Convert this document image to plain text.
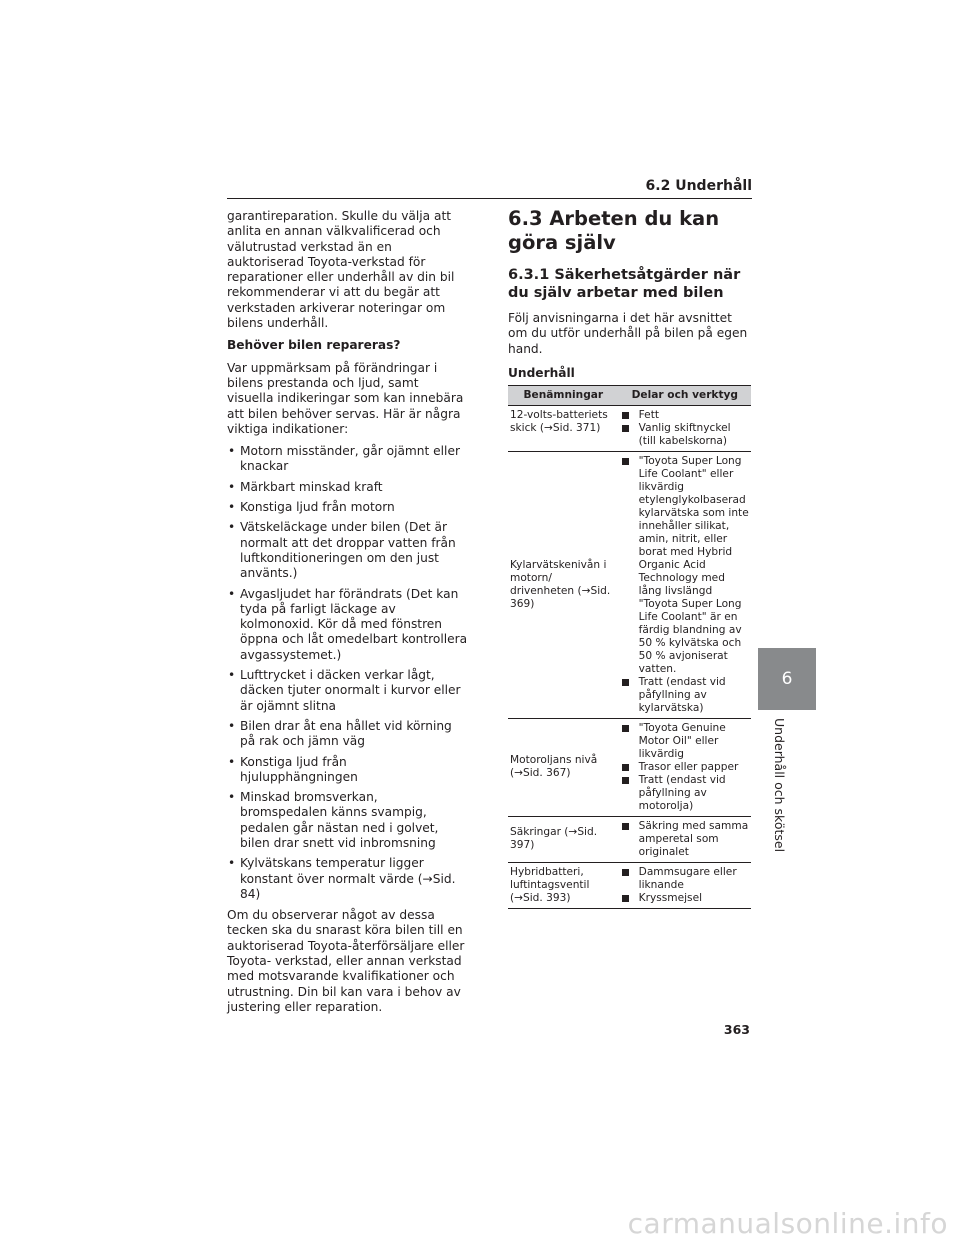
6.2 Underhåll
6
Underhåll och skötsel

garantireparation. Skulle du välja att anlita en annan välkvalificerad och välutrustad verkstad än en auktoriserad Toyota-verkstad för reparationer eller underhåll av din bil rekommenderar vi att du begär att verkstaden arkiverar noteringar om bilens underhåll.

Behöver bilen repareras?

Var uppmärksam på förändringar i bilens prestanda och ljud, samt visuella indikeringar som kan innebära att bilen behöver servas. Här är några viktiga indikationer:

• Motorn misständer, går ojämnt eller knackar
• Märkbart minskad kraft
• Konstiga ljud från motorn
• Vätskeläckage under bilen (Det är normalt att det droppar vatten från luftkonditioneringen om den just använts.)
• Avgasljudet har förändrats (Det kan tyda på farligt läckage av kolmonoxid. Kör då med fönstren öppna och låt omedelbart kontrollera avgassystemet.)
• Lufttrycket i däcken verkar lågt, däcken tjuter onormalt i kurvor eller är ojämnt slitna
• Bilen drar åt ena hållet vid körning på rak och jämn väg
• Konstiga ljud från hjulupphängningen
• Minskad bromsverkan, bromspedalen känns svampig, pedalen går nästan ned i golvet, bilen drar snett vid inbromsning
• Kylvätskans temperatur ligger konstant över normalt värde (→Sid. 84)

Om du observerar något av dessa tecken ska du snarast köra bilen till en auktoriserad Toyota-återförsäljare eller Toyota- verkstad, eller annan verkstad med motsvarande kvalifikationer och utrustning. Din bil kan vara i behov av justering eller reparation.

6.3 Arbeten du kan göra själv
6.3.1 Säkerhetsåtgärder när du själv arbetar med bilen

Följ anvisningarna i det här avsnittet om du utför underhåll på bilen på egen hand.

Underhåll
Benämningar	Delar och verktyg
12-volts-batteriets skick (→Sid. 371)	Fett
Vanlig skiftnyckel (till kabelskorna)

Kylarvätskenivån i motorn/ drivenheten (→Sid. 369)	"Toyota Super Long Life Coolant" eller likvärdig etylenglykolbaserad kylarvätska som inte innehåller silikat, amin, nitrit, eller borat med Hybrid Organic Acid Technology med lång livslängd "Toyota Super Long Life Coolant" är en färdig blandning av 50 % kylvätska och 50 % avjoniserat vatten.
Tratt (endast vid påfyllning av kylarvätska)

Motoroljans nivå (→Sid. 367)	"Toyota Genuine Motor Oil" eller likvärdig
Trasor eller papper
Tratt (endast vid påfyllning av motorolja)

Säkringar (→Sid. 397)	Säkring med samma amperetal som originalet

Hybridbatteri, luftintagsventil (→Sid. 393)	Dammsugare eller liknande
Kryssmejsel
363
carmanualsonline.info
